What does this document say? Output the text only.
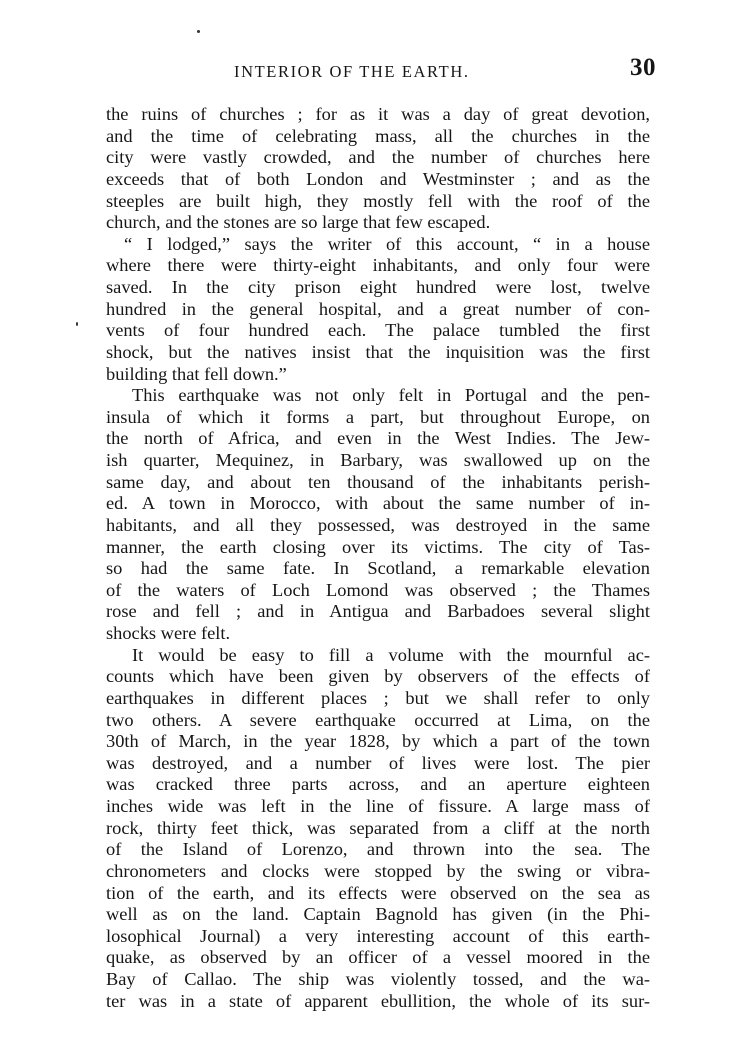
INTERIOR OF THE EARTH.	30
the ruins of churches ; for as it was a day of great devotion,
and the time of celebrating mass, all the churches in the
city were vastly crowded, and the number of churches here
exceeds that of both London and Westminster ; and as the
steeples are built high, they mostly fell with the roof of the
church, and the stones are so large that few escaped.
“ I lodged,” says the writer of this account, “ in a house
where there were thirty-eight inhabitants, and only four were
saved. In the city prison eight hundred were lost, twelve
hundred in the general hospital, and a great number of con-
vents of four hundred each. The palace tumbled the first
shock, but the natives insist that the inquisition was the first
building that fell down.”
This earthquake was not only felt in Portugal and the pen-
insula of which it forms a part, but throughout Europe, on
the north of Africa, and even in the West Indies. The Jew-
ish quarter, Mequinez, in Barbary, was swallowed up on the
same day, and about ten thousand of the inhabitants perish-
ed. A town in Morocco, with about the same number of in-
habitants, and all they possessed, was destroyed in the same
manner, the earth closing over its victims. The city of Tas-
so had the same fate. In Scotland, a remarkable elevation
of the waters of Loch Lomond was observed ; the Thames
rose and fell ; and in Antigua and Barbadoes several slight
shocks were felt.
It would be easy to fill a volume with the mournful ac-
counts which have been given by observers of the effects of
earthquakes in different places ; but we shall refer to only
two others. A severe earthquake occurred at Lima, on the
30th of March, in the year 1828, by which a part of the town
was destroyed, and a number of lives were lost. The pier
was cracked three parts across, and an aperture eighteen
inches wide was left in the line of fissure. A large mass of
rock, thirty feet thick, was separated from a cliff at the north
of the Island of Lorenzo, and thrown into the sea. The
chronometers and clocks were stopped by the swing or vibra-
tion of the earth, and its effects were observed on the sea as
well as on the land. Captain Bagnold has given (in the Phi-
losophical Journal) a very interesting account of this earth-
quake, as observed by an officer of a vessel moored in the
Bay of Callao. The ship was violently tossed, and the wa-
ter was in a state of apparent ebullition, the whole of its sur-
